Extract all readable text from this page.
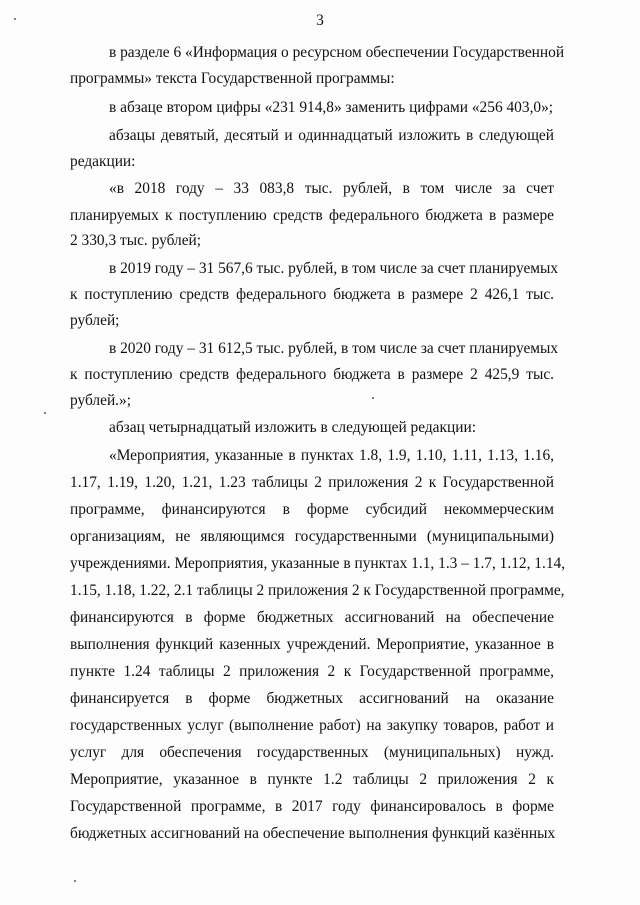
3
в разделе 6 «Информация о ресурсном обеспечении Государственной
программы» текста Государственной программы:
в абзаце втором цифры «231 914,8» заменить цифрами «256 403,0»;
абзацы девятый, десятый и одиннадцатый изложить в следующей
редакции:
«в 2018 году – 33 083,8 тыс. рублей, в том числе за счет
планируемых к поступлению средств федерального бюджета в размере
2 330,3 тыс. рублей;
в 2019 году – 31 567,6 тыс. рублей, в том числе за счет планируемых
к поступлению средств федерального бюджета в размере 2 426,1 тыс.
рублей;
в 2020 году – 31 612,5 тыс. рублей, в том числе за счет планируемых
к поступлению средств федерального бюджета в размере 2 425,9 тыс.
рублей.»;
абзац четырнадцатый изложить в следующей редакции:
«Мероприятия, указанные в пунктах 1.8, 1.9, 1.10, 1.11, 1.13, 1.16,
1.17, 1.19, 1.20, 1.21, 1.23 таблицы 2 приложения 2 к Государственной
программе, финансируются в форме субсидий некоммерческим
организациям, не являющимся государственными (муниципальными)
учреждениями. Мероприятия, указанные в пунктах 1.1, 1.3 – 1.7, 1.12, 1.14,
1.15, 1.18, 1.22, 2.1 таблицы 2 приложения 2 к Государственной программе,
финансируются в форме бюджетных ассигнований на обеспечение
выполнения функций казенных учреждений. Мероприятие, указанное в
пункте 1.24 таблицы 2 приложения 2 к Государственной программе,
финансируется в форме бюджетных ассигнований на оказание
государственных услуг (выполнение работ) на закупку товаров, работ и
услуг для обеспечения государственных (муниципальных) нужд.
Мероприятие, указанное в пункте 1.2 таблицы 2 приложения 2 к
Государственной программе, в 2017 году финансировалось в форме
бюджетных ассигнований на обеспечение выполнения функций казённых
